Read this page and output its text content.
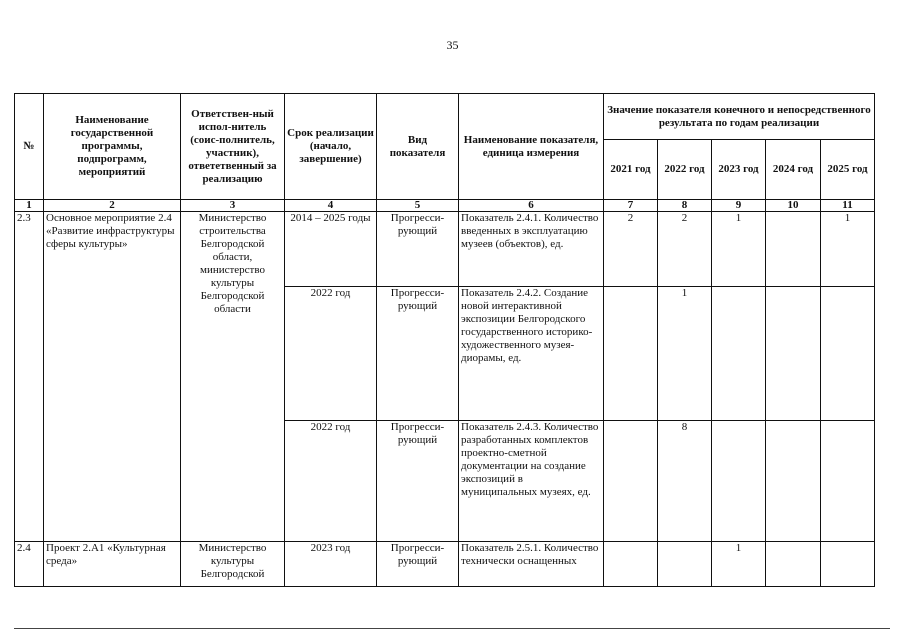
35
№	Наименование государственной программы, подпрограмм, мероприятий	Ответствен-ный испол-нитель (соис-полнитель, участник), ответетвенный за реализацию	Срок реализации (начало, завершение)	Вид показателя	Наименование показателя, единица измерения	Значение показателя конечного и непосредственного результата по годам реализации				
						2021 год	2022 год	2023 год	2024 год	2025 год
1	2	3	4	5	6	7	8	9	10	11
2.3	Основное мероприятие 2.4 «Развитие инфраструктуры сферы культуры»	Министерство строительства Белгородской области, министерство культуры Белгородской области	2014 – 2025 годы	Прогресси-рующий	Показатель 2.4.1. Количество введенных в эксплуатацию музеев (объектов), ед.	2	2	1		1
			2022 год	Прогресси-рующий	Показатель 2.4.2. Создание новой интерактивной экспозиции Белгородского государственного историко-художественного музея-диорамы, ед.		1			
			2022 год	Прогресси-рующий	Показатель 2.4.3. Количество разработанных комплектов проектно-сметной документации на создание экспозиций в муниципальных музеях, ед.		8			
2.4	Проект 2.А1 «Культурная среда»	Министерство культуры Белгородской	2023 год	Прогресси-рующий	Показатель 2.5.1. Количество технически оснащенных			1		
